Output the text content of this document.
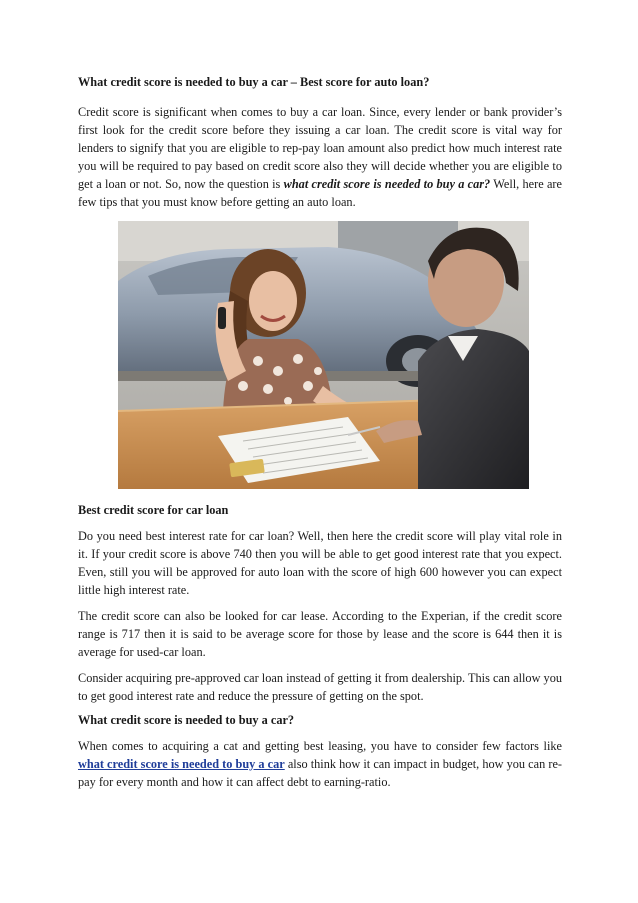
What credit score is needed to buy a car – Best score for auto loan?

Credit score is significant when comes to buy a car loan. Since, every lender or bank provider’s first look for the credit score before they issuing a car loan. The credit score is vital way for lenders to signify that you are eligible to rep-pay loan amount also predict how much interest rate you will be required to pay based on credit score also they will decide whether you are eligible to get a loan or not. So, now the question is what credit score is needed to buy a car? Well, here are few tips that you must know before getting an auto loan.

Best credit score for car loan

Do you need best interest rate for car loan? Well, then here the credit score will play vital role in it. If your credit score is above 740 then you will be able to get good interest rate that you expect. Even, still you will be approved for auto loan with the score of high 600 however you can expect little high interest rate.

The credit score can also be looked for car lease. According to the Experian, if the credit score range is 717 then it is said to be average score for those by lease and the score is 644 then it is average for used-car loan.

Consider acquiring pre-approved car loan instead of getting it from dealership. This can allow you to get good interest rate and reduce the pressure of getting on the spot.

What credit score is needed to buy a car?

When comes to acquiring a cat and getting best leasing, you have to consider few factors like what credit score is needed to buy a car also think how it can impact in budget, how you can re-pay for every month and how it can affect debt to earning-ratio.
